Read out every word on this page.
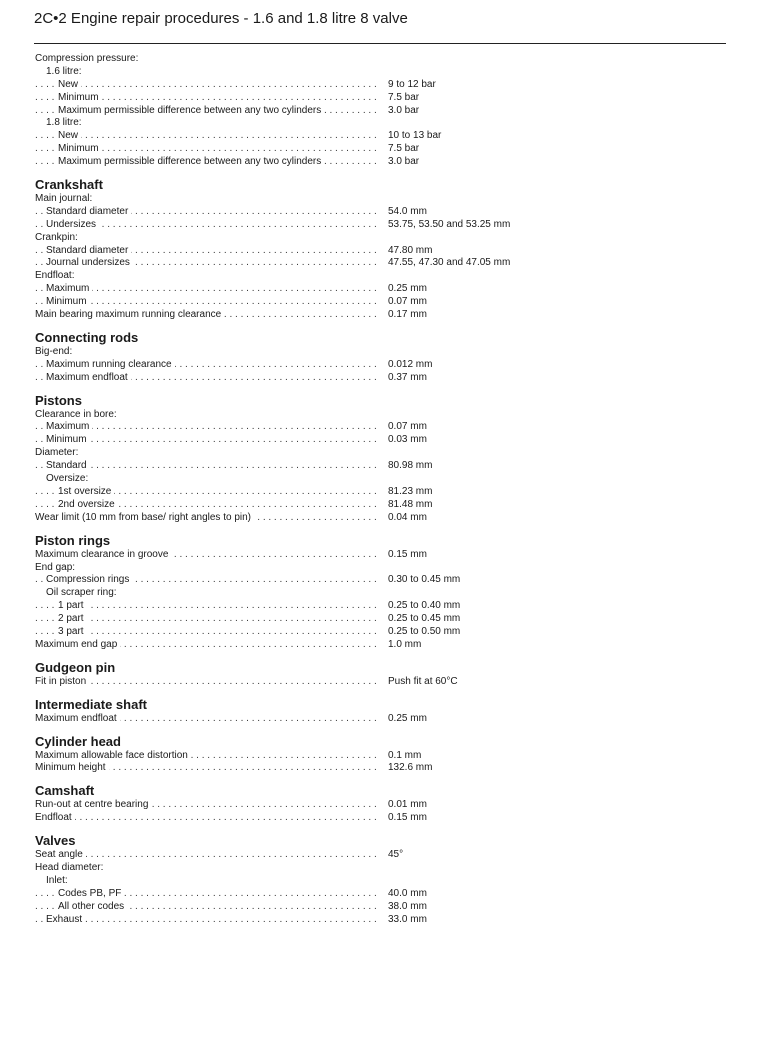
2C•2 Engine repair procedures - 1.6 and 1.8 litre 8 valve
Compression pressure:
1.6 litre:
New . . .	9 to 12 bar
Minimum . . .	7.5 bar
Maximum permissible difference between any two cylinders . . .	3.0 bar
1.8 litre:
New . . .	10 to 13 bar
Minimum . . .	7.5 bar
Maximum permissible difference between any two cylinders . . .	3.0 bar
Crankshaft
Main journal:
Standard diameter . . .	54.0 mm
Undersizes . . .	53.75, 53.50 and 53.25 mm
Crankpin:
Standard diameter . . .	47.80 mm
Journal undersizes . . .	47.55, 47.30 and 47.05 mm
Endfloat:
Maximum . . .	0.25 mm
Minimum . . .	0.07 mm
Main bearing maximum running clearance . . .	0.17 mm
Connecting rods
Big-end:
Maximum running clearance . . .	0.012 mm
Maximum endfloat . . .	0.37 mm
Pistons
Clearance in bore:
Maximum . . .	0.07 mm
Minimum . . .	0.03 mm
Diameter:
Standard . . .	80.98 mm
Oversize:
1st oversize . . .	81.23 mm
2nd oversize . . .	81.48 mm
Wear limit (10 mm from base/ right angles to pin) . . .	0.04 mm
Piston rings
Maximum clearance in groove . . .	0.15 mm
End gap:
Compression rings . . .	0.30 to 0.45 mm
Oil scraper ring:
1 part . . .	0.25 to 0.40 mm
2 part . . .	0.25 to 0.45 mm
3 part . . .	0.25 to 0.50 mm
Maximum end gap . . .	1.0 mm
Gudgeon pin
Fit in piston . . .	Push fit at 60°C
Intermediate shaft
Maximum endfloat . . .	0.25 mm
Cylinder head
Maximum allowable face distortion . . .	0.1 mm
Minimum height . . .	132.6 mm
Camshaft
Run-out at centre bearing . . .	0.01 mm
Endfloat . . .	0.15 mm
Valves
Seat angle . . .	45°
Head diameter:
Inlet:
Codes PB, PF . . .	40.0 mm
All other codes . . .	38.0 mm
Exhaust . . .	33.0 mm
